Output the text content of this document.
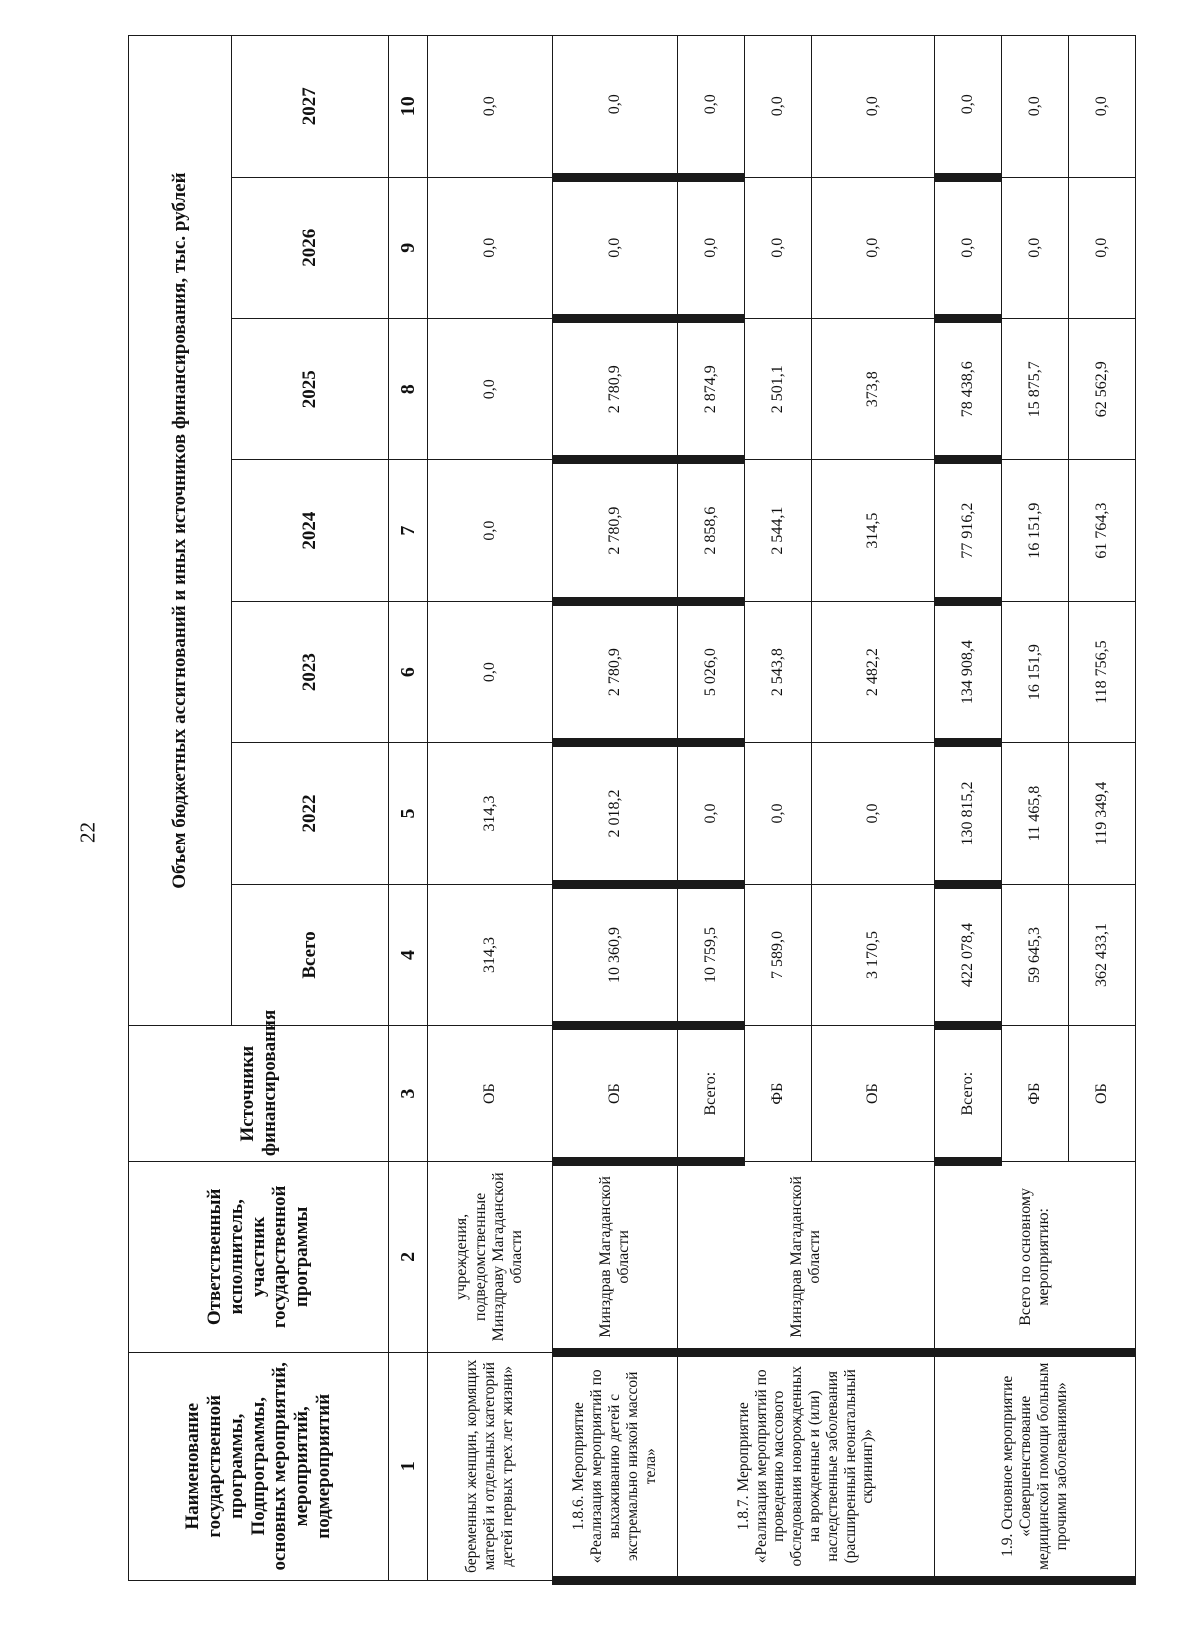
22
Наименование государственной программы, Подпрограммы, основных мероприятий, мероприятий, подмероприятий	Ответственный исполнитель, участник государственной программы	Источники финансирования	Объем бюджетных ассигнований и иных источников финансирования, тыс. рублей						
			Всего	2022	2023	2024	2025	2026	2027
1	2	3	4	5	6	7	8	9	10
беременных женщин, кормящих матерей и отдельных категорий детей первых трех лет жизни»	учреждения, подведомственные Минздраву Магаданской области	ОБ	314,3	314,3	0,0	0,0	0,0	0,0	0,0
1.8.6. Мероприятие «Реализация мероприятий по выхаживанию детей с экстремально низкой массой тела»	Минздрав Магаданской области	ОБ	10 360,9	2 018,2	2 780,9	2 780,9	2 780,9	0,0	0,0
1.8.7. Мероприятие «Реализация мероприятий по проведению массового обследования новорожденных на врожденные и (или) наследственные заболевания (расширенный неонатальный скрининг)»	Минздрав Магаданской области	Всего:	10 759,5	0,0	5 026,0	2 858,6	2 874,9	0,0	0,0
		ФБ	7 589,0	0,0	2 543,8	2 544,1	2 501,1	0,0	0,0
		ОБ	3 170,5	0,0	2 482,2	314,5	373,8	0,0	0,0
1.9. Основное мероприятие «Совершенствование медицинской помощи больным прочими заболеваниями»	Всего по основному мероприятию:	Всего:	422 078,4	130 815,2	134 908,4	77 916,2	78 438,6	0,0	0,0
		ФБ	59 645,3	11 465,8	16 151,9	16 151,9	15 875,7	0,0	0,0
		ОБ	362 433,1	119 349,4	118 756,5	61 764,3	62 562,9	0,0	0,0
